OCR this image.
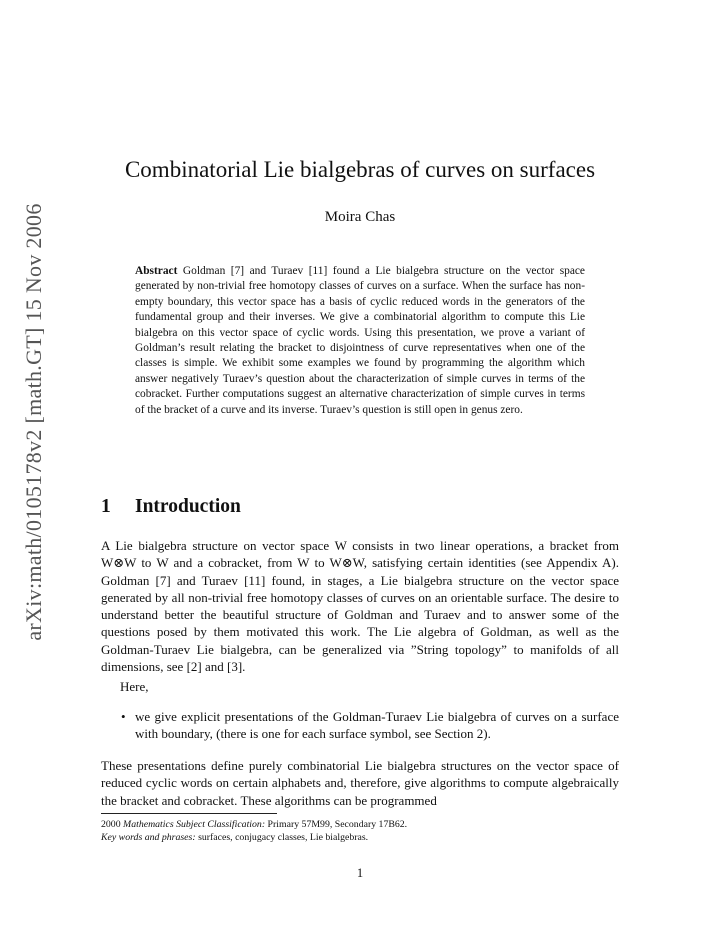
arXiv:math/0105178v2 [math.GT] 15 Nov 2006
Combinatorial Lie bialgebras of curves on surfaces
Moira Chas
Abstract Goldman [7] and Turaev [11] found a Lie bialgebra structure on the vector space generated by non-trivial free homotopy classes of curves on a surface. When the surface has non-empty boundary, this vector space has a basis of cyclic reduced words in the generators of the fundamental group and their inverses. We give a combinatorial algorithm to compute this Lie bialgebra on this vector space of cyclic words. Using this presentation, we prove a variant of Goldman’s result relating the bracket to disjointness of curve representatives when one of the classes is simple. We exhibit some examples we found by programming the algorithm which answer negatively Turaev’s question about the characterization of simple curves in terms of the cobracket. Further computations suggest an alternative characterization of simple curves in terms of the bracket of a curve and its inverse. Turaev’s question is still open in genus zero.
1 Introduction

A Lie bialgebra structure on vector space W consists in two linear operations, a bracket from W⊗W to W and a cobracket, from W to W⊗W, satisfying certain identities (see Appendix A). Goldman [7] and Turaev [11] found, in stages, a Lie bialgebra structure on the vector space generated by all non-trivial free homotopy classes of curves on an orientable surface. The desire to understand better the beautiful structure of Goldman and Turaev and to answer some of the questions posed by them motivated this work. The Lie algebra of Goldman, as well as the Goldman-Turaev Lie bialgebra, can be generalized via ”String topology” to manifolds of all dimensions, see [2] and [3].

Here,

• we give explicit presentations of the Goldman-Turaev Lie bialgebra of curves on a surface with boundary, (there is one for each surface symbol, see Section 2).

These presentations define purely combinatorial Lie bialgebra structures on the vector space of reduced cyclic words on certain alphabets and, therefore, give algorithms to compute algebraically the bracket and cobracket. These algorithms can be programmed

2000 Mathematics Subject Classification: Primary 57M99, Secondary 17B62.
Key words and phrases: surfaces, conjugacy classes, Lie bialgebras.
1
